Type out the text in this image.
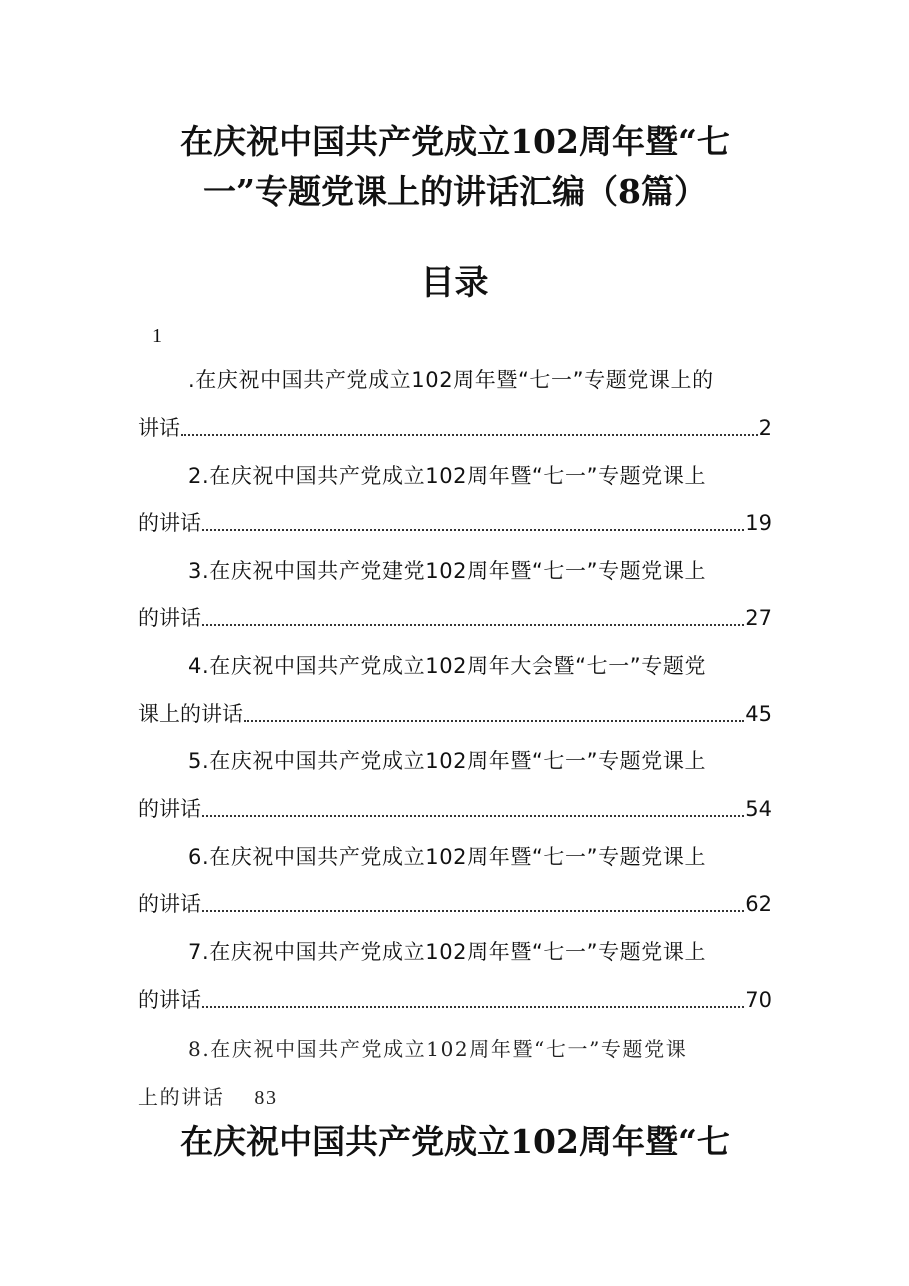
在庆祝中国共产党成立102周年暨“七
一”专题党课上的讲话汇编（8篇）
目录
1
.在庆祝中国共产党成立102周年暨“七一”专题党课上的
讲话	2
2.在庆祝中国共产党成立102周年暨“七一”专题党课上
的讲话	19
3.在庆祝中国共产党建党102周年暨“七一”专题党课上
的讲话	27
4.在庆祝中国共产党成立102周年大会暨“七一”专题党
课上的讲话	45
5.在庆祝中国共产党成立102周年暨“七一”专题党课上
的讲话	54
6.在庆祝中国共产党成立102周年暨“七一”专题党课上
的讲话	62
7.在庆祝中国共产党成立102周年暨“七一”专题党课上
的讲话	70
8.在庆祝中国共产党成立102周年暨“七一”专题党课
上的讲话 83
在庆祝中国共产党成立102周年暨“七
